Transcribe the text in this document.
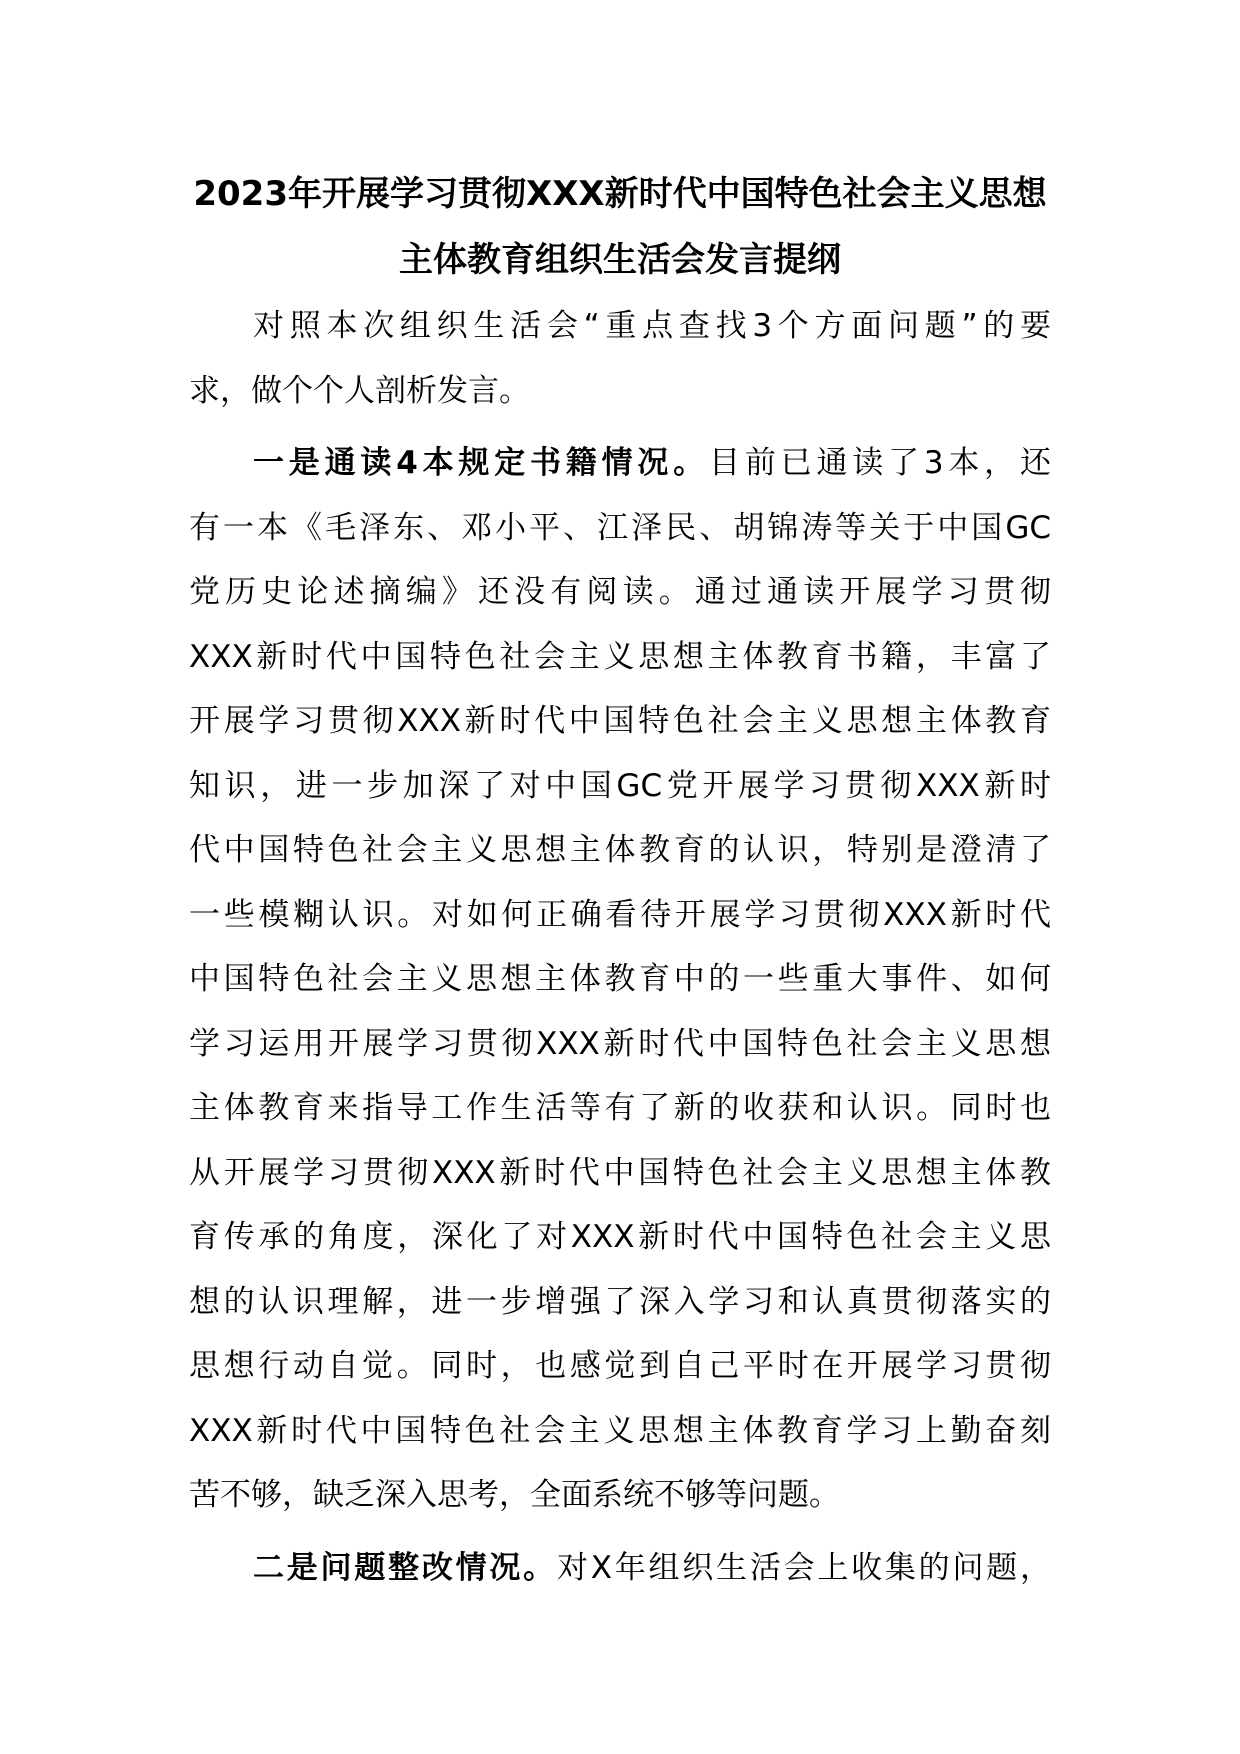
2023年开展学习贯彻XXX新时代中国特色社会主义思想
主体教育组织生活会发言提纲
对照本次组织生活会“重点查找3个方面问题”的要
求，做个个人剖析发言。
一是通读4本规定书籍情况。目前已通读了3本，还
有一本《毛泽东、邓小平、江泽民、胡锦涛等关于中国GC
党历史论述摘编》还没有阅读。通过通读开展学习贯彻
XXX新时代中国特色社会主义思想主体教育书籍，丰富了
开展学习贯彻XXX新时代中国特色社会主义思想主体教育
知识，进一步加深了对中国GC党开展学习贯彻XXX新时
代中国特色社会主义思想主体教育的认识，特别是澄清了
一些模糊认识。对如何正确看待开展学习贯彻XXX新时代
中国特色社会主义思想主体教育中的一些重大事件、如何
学习运用开展学习贯彻XXX新时代中国特色社会主义思想
主体教育来指导工作生活等有了新的收获和认识。同时也
从开展学习贯彻XXX新时代中国特色社会主义思想主体教
育传承的角度，深化了对XXX新时代中国特色社会主义思
想的认识理解，进一步增强了深入学习和认真贯彻落实的
思想行动自觉。同时，也感觉到自己平时在开展学习贯彻
XXX新时代中国特色社会主义思想主体教育学习上勤奋刻
苦不够，缺乏深入思考，全面系统不够等问题。
二是问题整改情况。对X年组织生活会上收集的问题，
